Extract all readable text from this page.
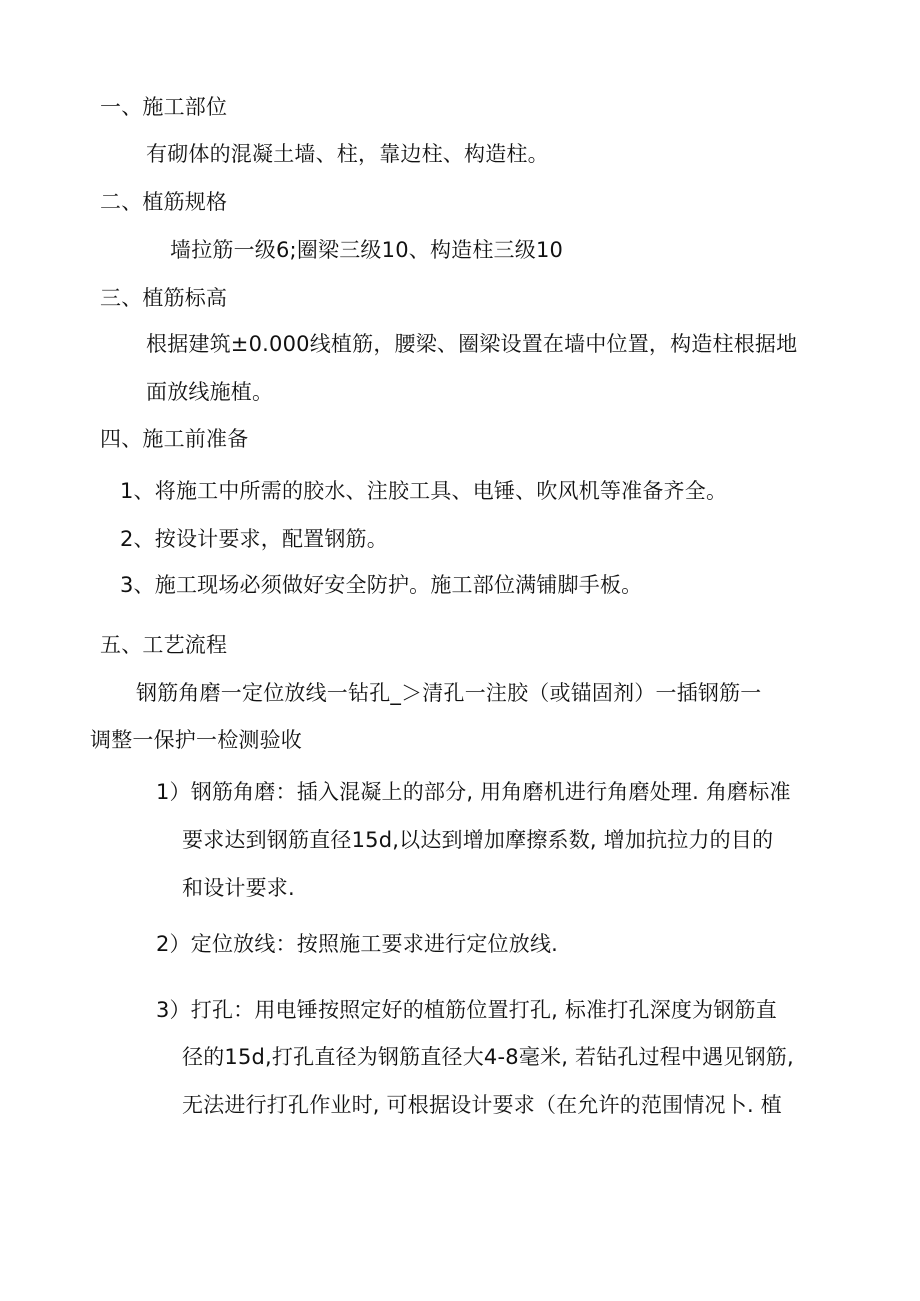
一、施工部位
有砌体的混凝土墙、柱，靠边柱、构造柱。
二、植筋规格
墙拉筋一级6;圈梁三级10、构造柱三级10
三、植筋标高
根据建筑±0.000线植筋，腰梁、圈梁设置在墙中位置，构造柱根据地
面放线施植。
四、施工前准备
1、将施工中所需的胶水、注胶工具、电锤、吹风机等准备齐全。
2、按设计要求，配置钢筋。
3、施工现场必须做好安全防护。施工部位满铺脚手板。
五、工艺流程
钢筋角磨一定位放线一钻孔_＞清孔一注胶（或锚固剂）一插钢筋一
调整一保护一检测验收
1）钢筋角磨：插入混凝上的部分, 用角磨机进行角磨处理. 角磨标准
要求达到钢筋直径15d,以达到增加摩擦系数, 增加抗拉力的目的
和设计要求.
2）定位放线：按照施工要求进行定位放线.
3）打孔：用电锤按照定好的植筋位置打孔, 标准打孔深度为钢筋直
径的15d,打孔直径为钢筋直径大4-8毫米, 若钻孔过程中遇见钢筋,
无法进行打孔作业时, 可根据设计要求（在允许的范围情况卜. 植
